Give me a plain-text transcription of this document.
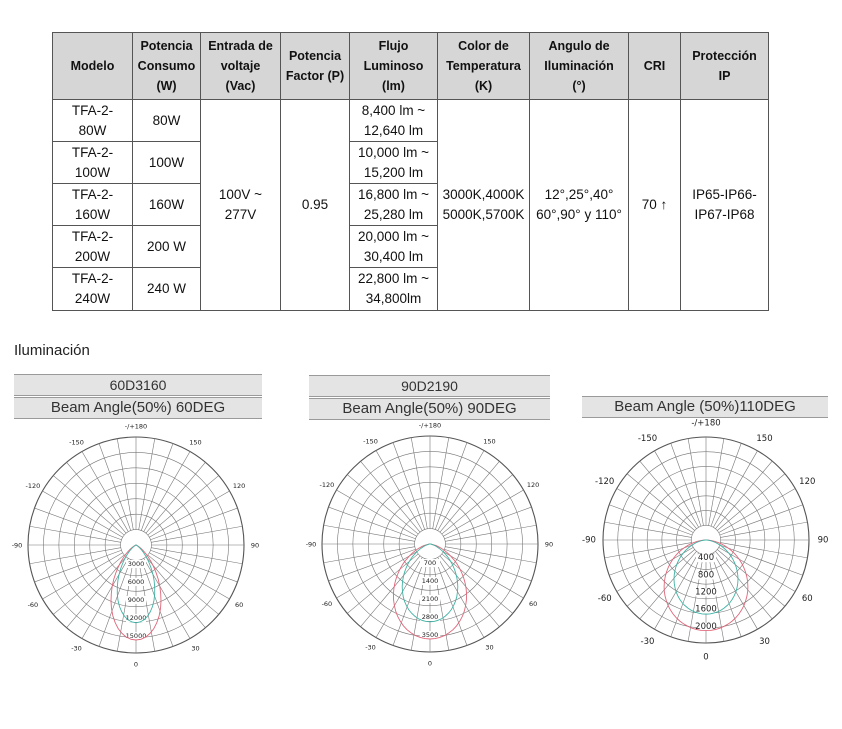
Modelo	Potencia
Consumo
(W)	Entrada de
voltaje
(Vac)	Potencia
Factor (P)	Flujo
Luminoso
(lm)	Color de
Temperatura
(K)	Angulo de
Iluminación
(°)	CRI	Protección
IP
TFA-2-
80W	80W	100V ~
277V	0.95	8,400 lm ~
12,640 lm	3000K,4000K
5000K,5700K	12°,25°,40°
60°,90° y 110°	70 ↑	IP65-IP66-
IP67-IP68
TFA-2-
100W	100W			10,000 lm ~
15,200 lm				
TFA-2-
160W	160W			16,800 lm ~
25,280 lm				
TFA-2-
200W	200 W			20,000 lm ~
30,400 lm				
TFA-2-
240W	240 W			22,800 lm ~
34,800lm				
Iluminación
60D3160
Beam Angle(50%) 60DEG
-/+180
150
-150
120
-120
90
-90
60
-60
30
-30
0
3000
6000
9000
12000
15000
90D2190
Beam Angle(50%) 90DEG
-/+180
150
-150
120
-120
90
-90
60
-60
30
-30
0
700
1400
2100
2800
3500
Beam Angle (50%)110DEG
-/+180
150
-150
120
-120
90
-90
60
-60
30
-30
0
400
800
1200
1600
2000
